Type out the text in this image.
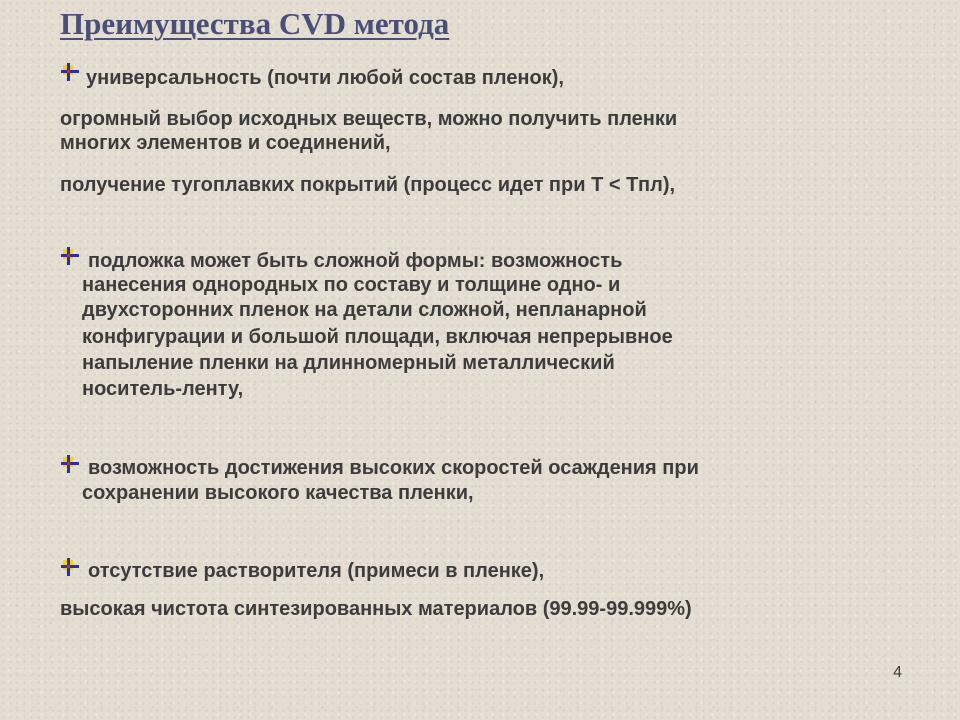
Преимущества CVD метода
универсальность (почти любой состав пленок),

огромный выбор исходных веществ, можно получить пленки

многих элементов и соединений,

получение тугоплавких покрытий (процесс идет при Т < Тпл),

подложка может быть сложной формы: возможность
нанесения однородных по составу и толщине одно- и
двухсторонних пленок на детали сложной, непланарной
конфигурации и большой площади, включая непрерывное
напыление пленки на длинномерный металлический
носитель-ленту,
возможность достижения высоких скоростей осаждения при
сохранении высокого качества пленки,
отсутствие растворителя (примеси в пленке),

высокая чистота синтезированных материалов (99.99-99.999%)

4
